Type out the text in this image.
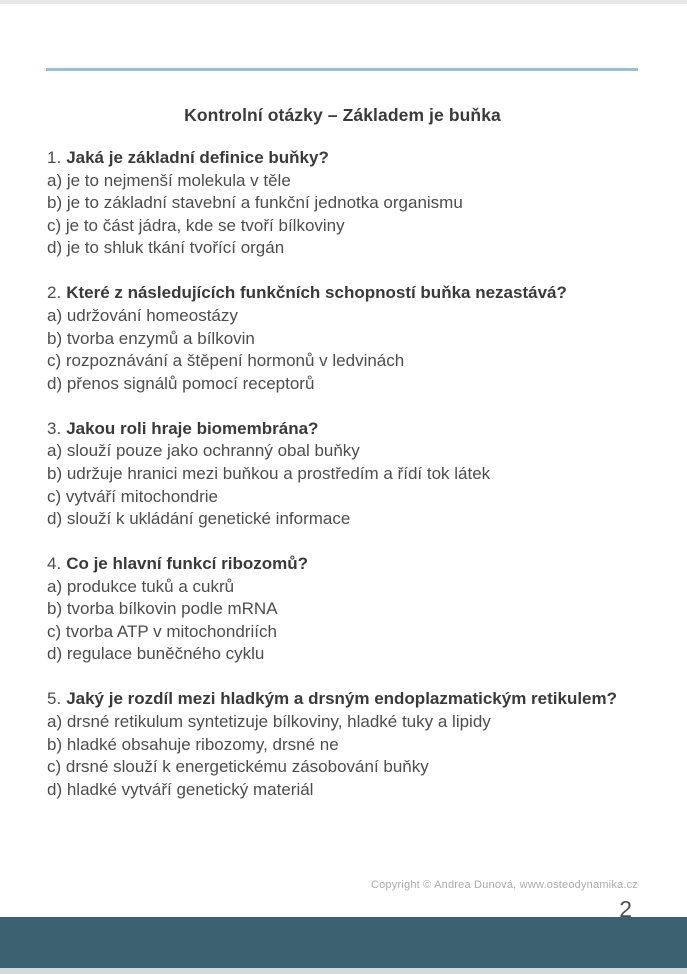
Kontrolní otázky – Základem je buňka
1. Jaká je základní definice buňky?
a) je to nejmenší molekula v těle
b) je to základní stavební a funkční jednotka organismu
c) je to část jádra, kde se tvoří bílkoviny
d) je to shluk tkání tvořící orgán
2. Které z následujících funkčních schopností buňka nezastává?
a) udržování homeostázy
b) tvorba enzymů a bílkovin
c) rozpoznávání a štěpení hormonů v ledvinách
d) přenos signálů pomocí receptorů
3. Jakou roli hraje biomembrána?
a) slouží pouze jako ochranný obal buňky
b) udržuje hranici mezi buňkou a prostředím a řídí tok látek
c) vytváří mitochondrie
d) slouží k ukládání genetické informace
4. Co je hlavní funkcí ribozomů?
a) produkce tuků a cukrů
b) tvorba bílkovin podle mRNA
c) tvorba ATP v mitochondriích
d) regulace buněčného cyklu
5. Jaký je rozdíl mezi hladkým a drsným endoplazmatickým retikulem?
a) drsné retikulum syntetizuje bílkoviny, hladké tuky a lipidy
b) hladké obsahuje ribozomy, drsné ne
c) drsné slouží k energetickému zásobování buňky
d) hladké vytváří genetický materiál
Copyright © Andrea Dunová, www.osteodynamika.cz
2
